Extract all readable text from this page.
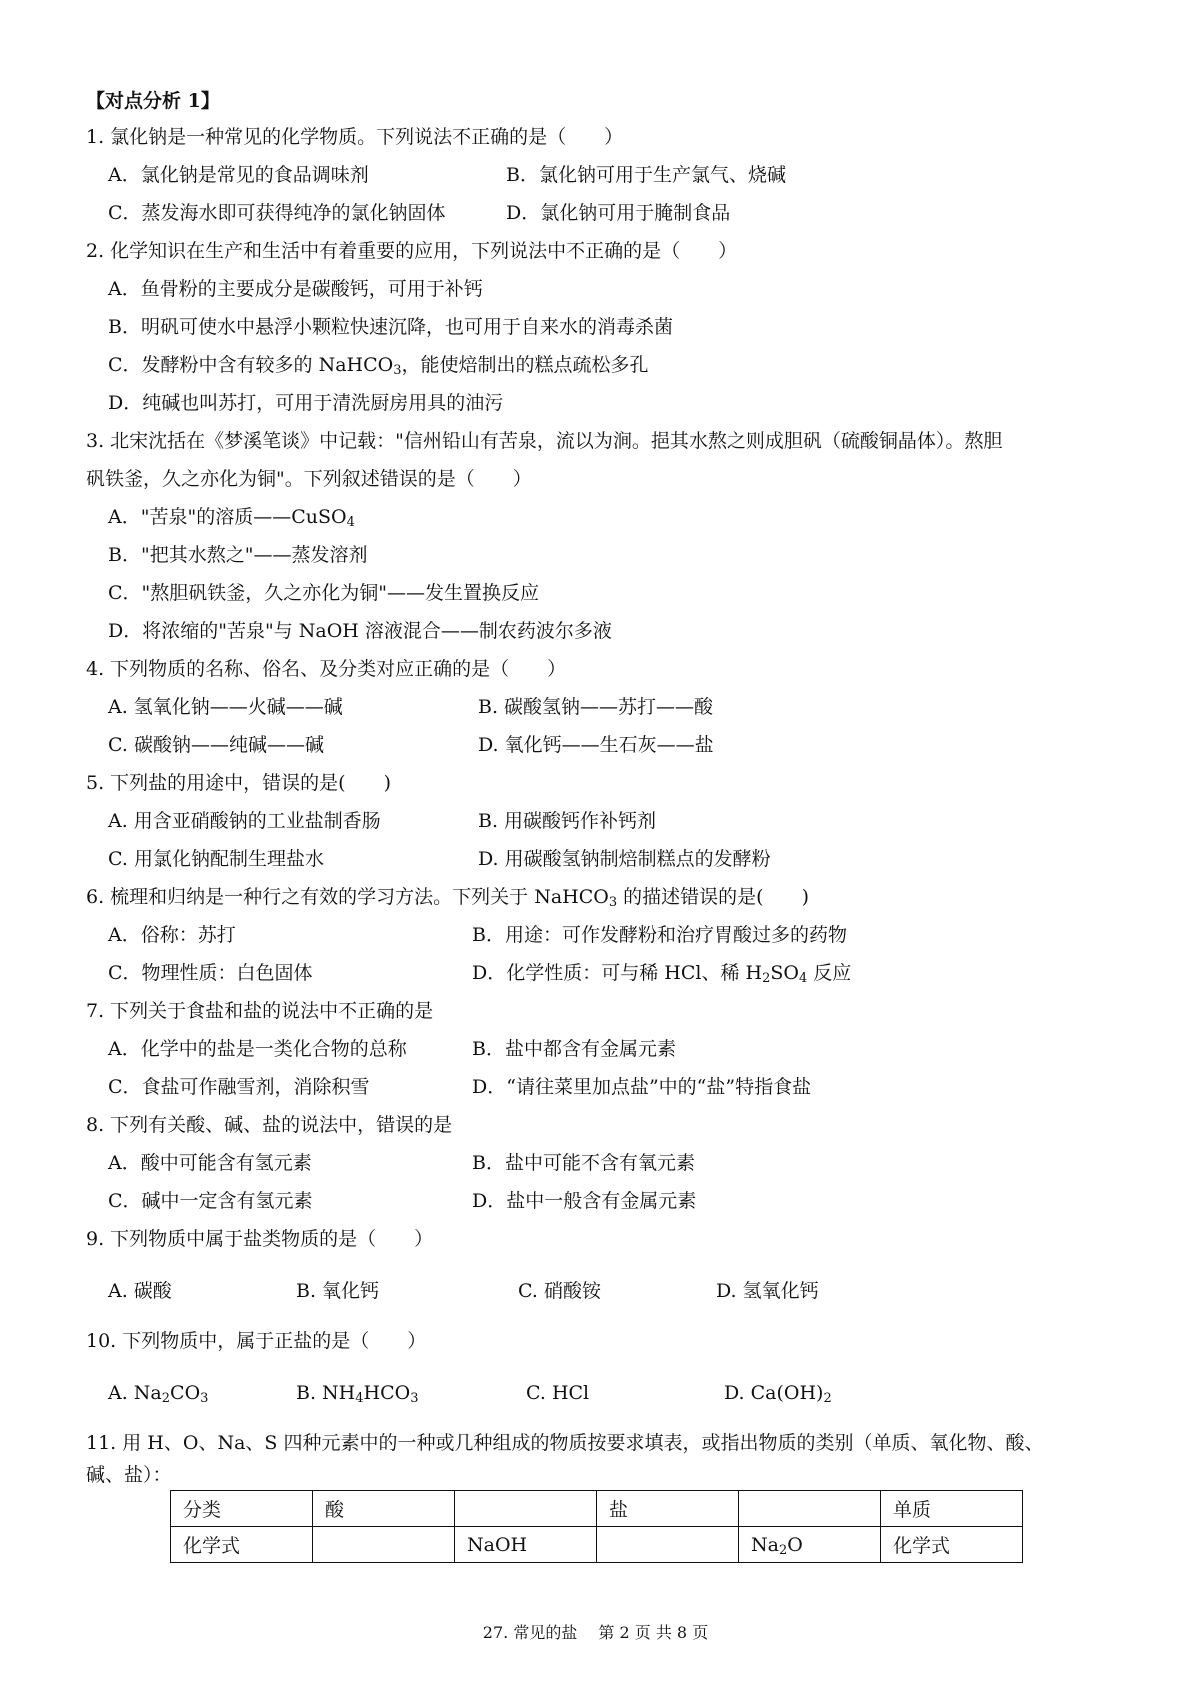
【对点分析 1】
1. 氯化钠是一种常见的化学物质。下列说法不正确的是（　　）
A．氯化钠是常见的食品调味剂	B．氯化钠可用于生产氯气、烧碱
C．蒸发海水即可获得纯净的氯化钠固体	D．氯化钠可用于腌制食品
2. 化学知识在生产和生活中有着重要的应用，下列说法中不正确的是（　　）
A．鱼骨粉的主要成分是碳酸钙，可用于补钙
B．明矾可使水中悬浮小颗粒快速沉降，也可用于自来水的消毒杀菌
C．发酵粉中含有较多的 NaHCO$_3$，能使焙制出的糕点疏松多孔
D．纯碱也叫苏打，可用于清洗厨房用具的油污
3. 北宋沈括在《梦溪笔谈》中记载："信州铅山有苦泉，流以为涧。挹其水熬之则成胆矾（硫酸铜晶体）。熬胆
矾铁釜，久之亦化为铜"。下列叙述错误的是（　　）
A．"苦泉"的溶质——CuSO$_4$
B．"把其水熬之"——蒸发溶剂
C．"熬胆矾铁釜，久之亦化为铜"——发生置换反应
D．将浓缩的"苦泉"与 NaOH 溶液混合——制农药波尔多液
4. 下列物质的名称、俗名、及分类对应正确的是（　　）
A. 氢氧化钠——火碱——碱	B. 碳酸氢钠——苏打——酸
C. 碳酸钠——纯碱——碱	D. 氧化钙——生石灰——盐
5. 下列盐的用途中，错误的是(　　)
A. 用含亚硝酸钠的工业盐制香肠	B. 用碳酸钙作补钙剂
C. 用氯化钠配制生理盐水	D. 用碳酸氢钠制焙制糕点的发酵粉
6. 梳理和归纳是一种行之有效的学习方法。下列关于 NaHCO$_3$ 的描述错误的是(　　)
A．俗称：苏打	B．用途：可作发酵粉和治疗胃酸过多的药物
C．物理性质：白色固体	D．化学性质：可与稀 HCl、稀 $H_2SO_4$ 反应
7. 下列关于食盐和盐的说法中不正确的是
A．化学中的盐是一类化合物的总称	B．盐中都含有金属元素
C．食盐可作融雪剂，消除积雪	D．“请往菜里加点盐”中的“盐”特指食盐
8. 下列有关酸、碱、盐的说法中，错误的是
A．酸中可能含有氢元素	B．盐中可能不含有氧元素
C．碱中一定含有氢元素	D．盐中一般含有金属元素
9. 下列物质中属于盐类物质的是（　　）
A. 碳酸	B. 氧化钙	C. 硝酸铵	D. 氢氧化钙
10. 下列物质中，属于正盐的是（　　）
A. $Na_2CO_3$	B. $NH_4HCO_3$	C. HCl	D. $Ca(OH)_2$
11. 用 H、O、Na、S 四种元素中的一种或几种组成的物质按要求填表，或指出物质的类别（单质、氧化物、酸、
碱、盐）：
分类	酸		盐		单质
化学式		NaOH		$Na_2O$	化学式
27. 常见的盐　 第 2 页 共 8 页
